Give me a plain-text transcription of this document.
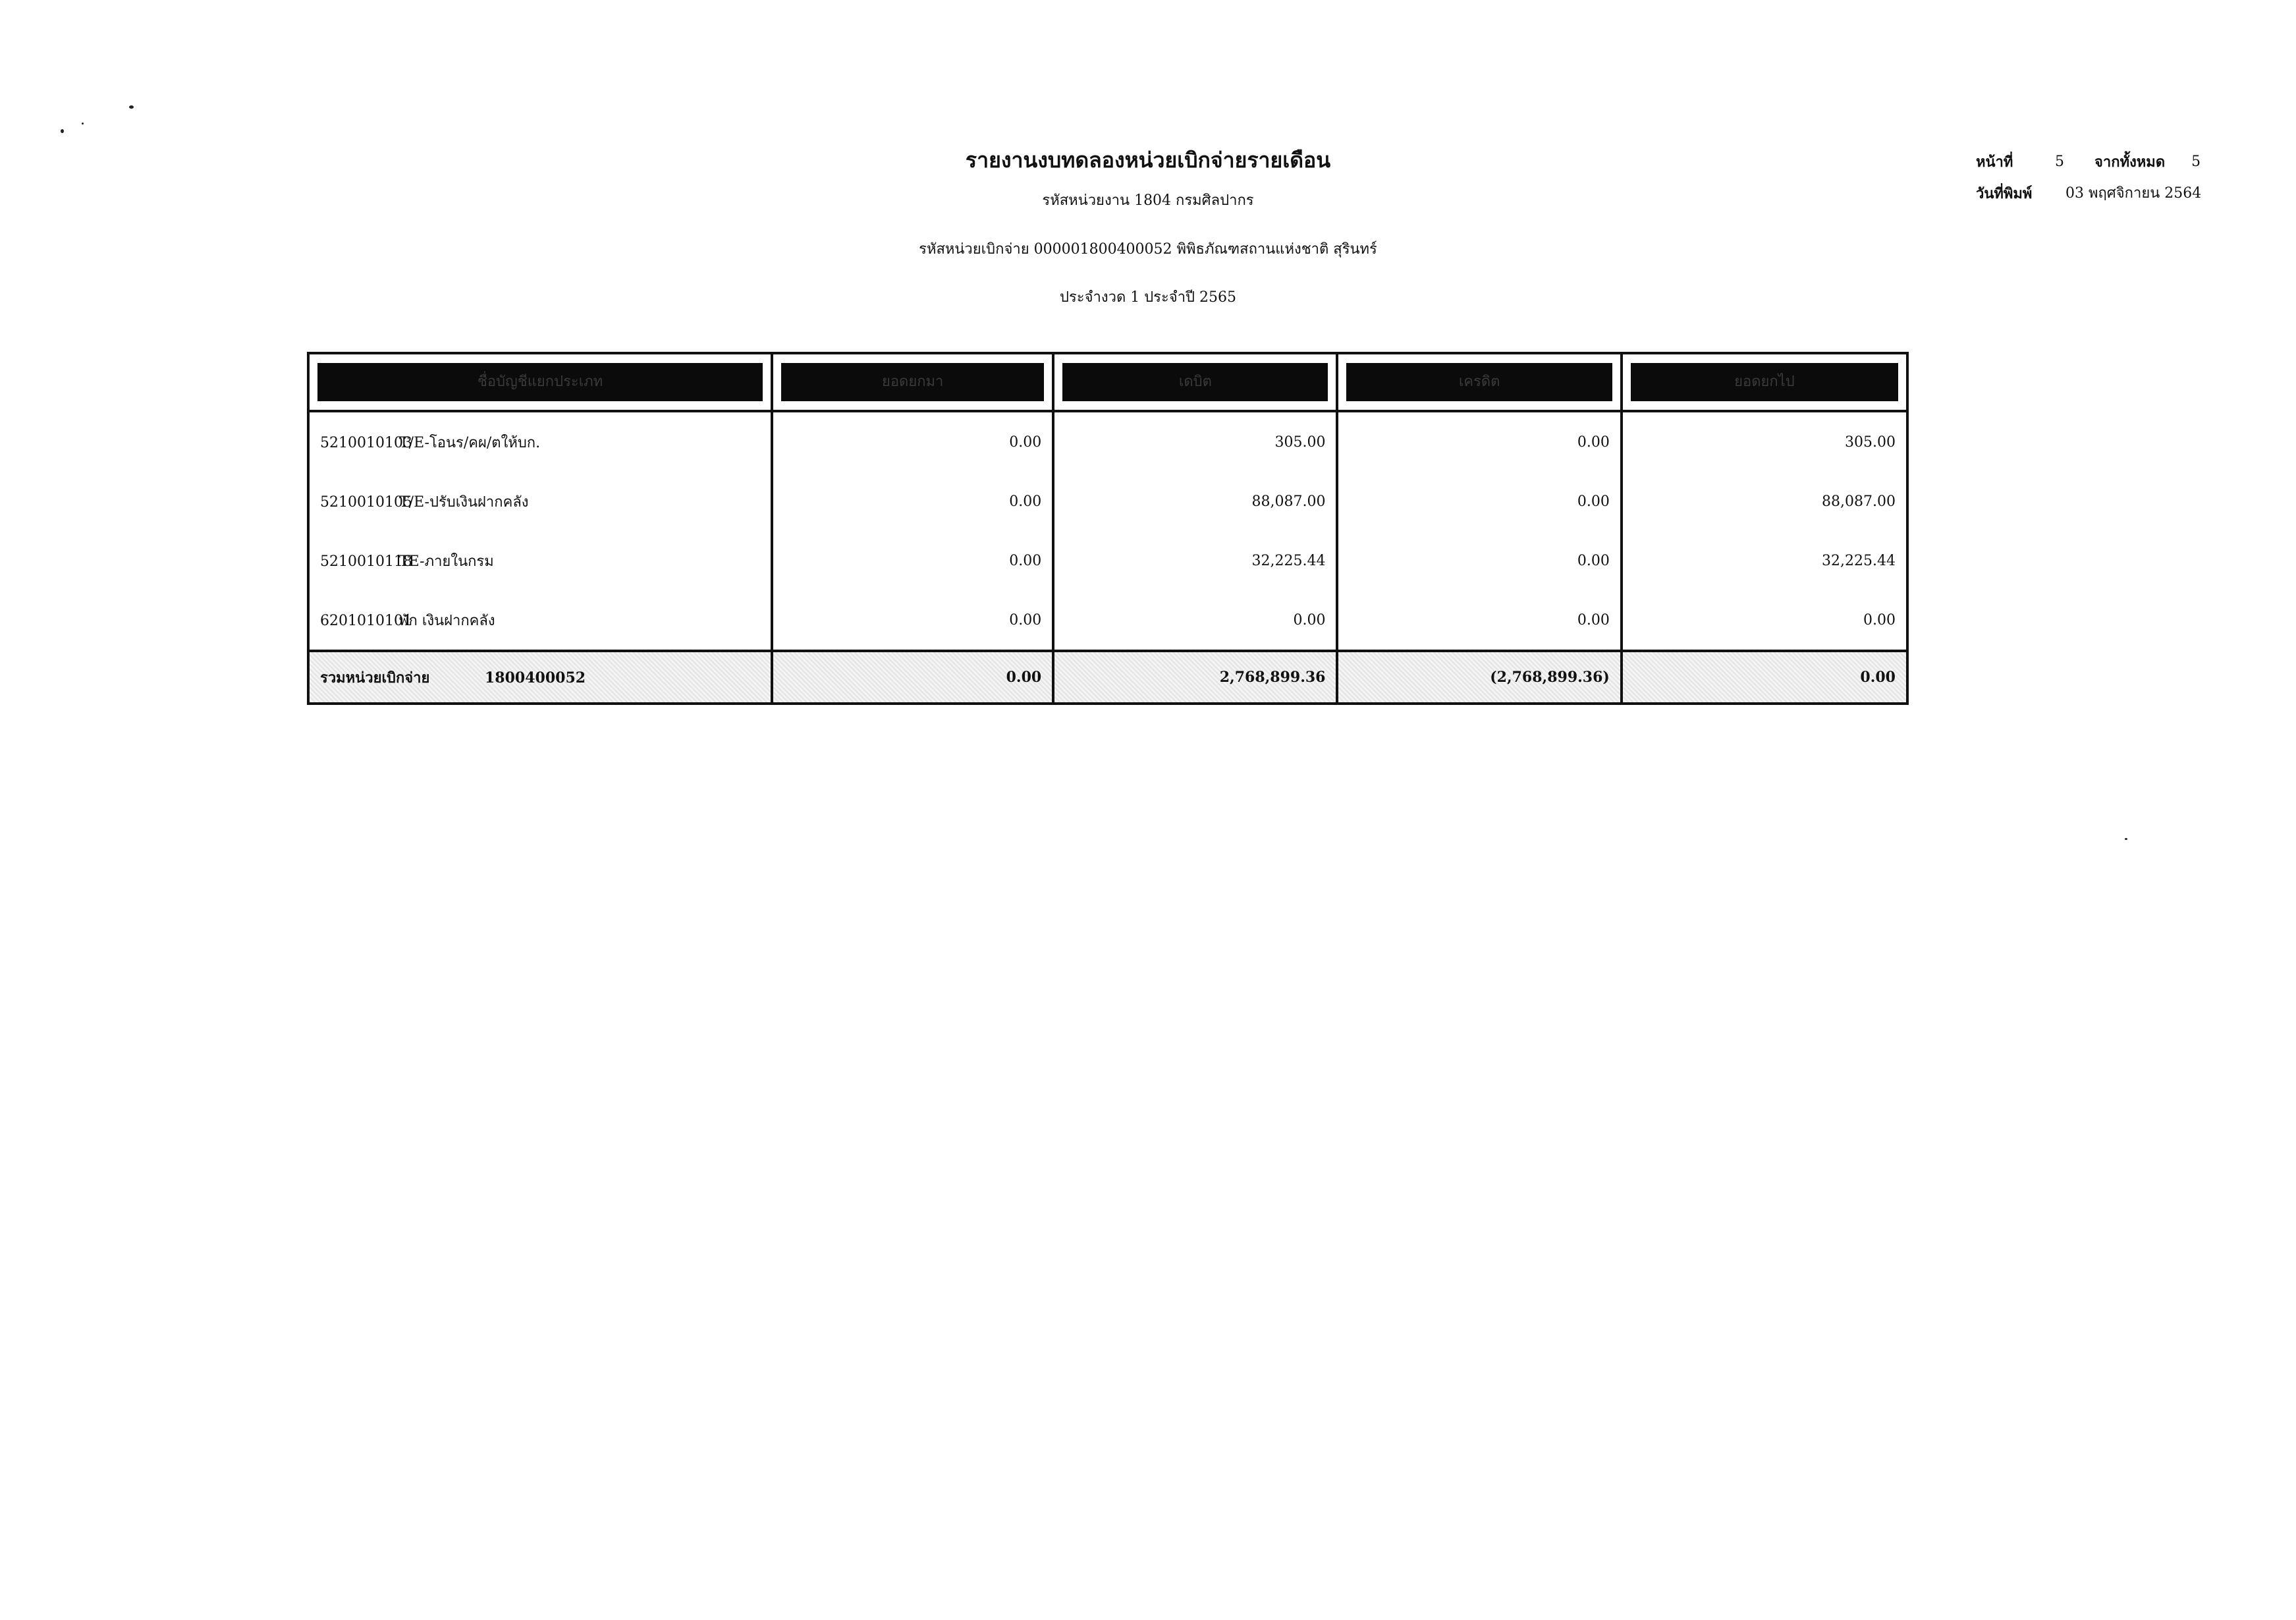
รายงานงบทดลองหน่วยเบิกจ่ายรายเดือน
รหัสหน่วยงาน 1804 กรมศิลปากร
รหัสหน่วยเบิกจ่าย 000001800400052 พิพิธภัณฑสถานแห่งชาติ สุรินทร์
ประจำงวด 1 ประจำปี 2565
หน้าที่	5	จากทั้งหมด	5
วันที่พิมพ์	03 พฤศจิกายน 2564
ชื่อบัญชีแยกประเภท	ยอดยกมา	เดบิต	เครดิต	ยอดยกไป

5210010103T/E-โอนร/คผ/ตให้บก.	0.00	305.00	0.00	305.00
5210010105T/E-ปรับเงินฝากคลัง	0.00	88,087.00	0.00	88,087.00
5210010118TE-ภายในกรม	0.00	32,225.44	0.00	32,225.44
6201010101พัก เงินฝากคลัง	0.00	0.00	0.00	0.00
รวมหน่วยเบิกจ่าย 1800400052	0.00	2,768,899.36	(2,768,899.36)	0.00
